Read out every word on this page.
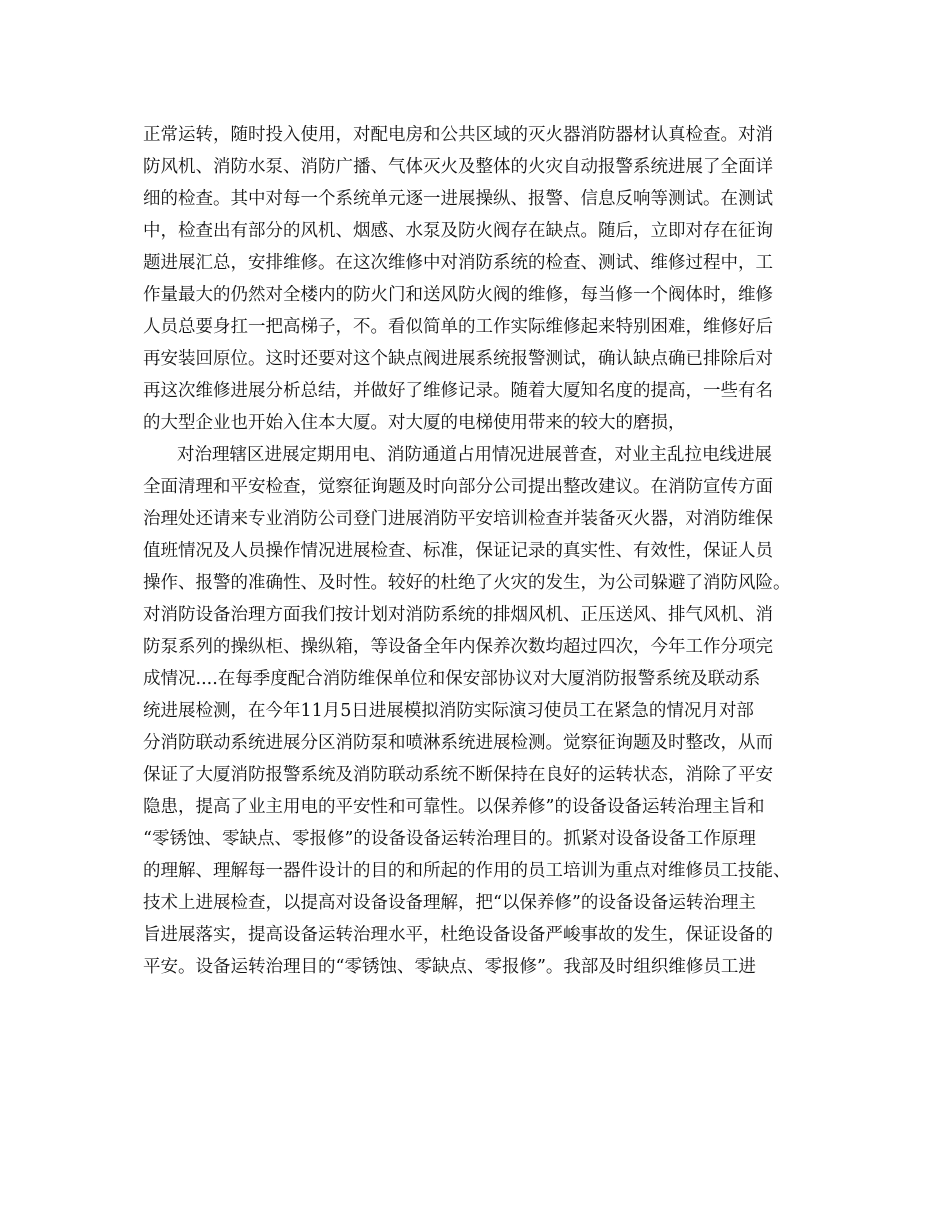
正常运转，随时投入使用，对配电房和公共区域的灭火器消防器材认真检查。对消
防风机、消防水泵、消防广播、气体灭火及整体的火灾自动报警系统进展了全面详
细的检查。其中对每一个系统单元逐一进展操纵、报警、信息反响等测试。在测试
中，检查出有部分的风机、烟感、水泵及防火阀存在缺点。随后，立即对存在征询
题进展汇总，安排维修。在这次维修中对消防系统的检查、测试、维修过程中，工
作量最大的仍然对全楼内的防火门和送风防火阀的维修，每当修一个阀体时，维修
人员总要身扛一把高梯子，不。看似简单的工作实际维修起来特别困难，维修好后
再安装回原位。这时还要对这个缺点阀进展系统报警测试，确认缺点确已排除后对
再这次维修进展分析总结，并做好了维修记录。随着大厦知名度的提高，一些有名
的大型企业也开始入住本大厦。对大厦的电梯使用带来的较大的磨损，
对治理辖区进展定期用电、消防通道占用情况进展普查，对业主乱拉电线进展
全面清理和平安检查，觉察征询题及时向部分公司提出整改建议。在消防宣传方面
治理处还请来专业消防公司登门进展消防平安培训检查并装备灭火器，对消防维保
值班情况及人员操作情况进展检查、标准，保证记录的真实性、有效性，保证人员
操作、报警的准确性、及时性。较好的杜绝了火灾的发生，为公司躲避了消防风险。
对消防设备治理方面我们按计划对消防系统的排烟风机、正压送风、排气风机、消
防泵系列的操纵柜、操纵箱，等设备全年内保养次数均超过四次，今年工作分项完
成情况....在每季度配合消防维保单位和保安部协议对大厦消防报警系统及联动系
统进展检测，在今年11月5日进展模拟消防实际演习使员工在紧急的情况月对部
分消防联动系统进展分区消防泵和喷淋系统进展检测。觉察征询题及时整改，从而
保证了大厦消防报警系统及消防联动系统不断保持在良好的运转状态，消除了平安
隐患，提高了业主用电的平安性和可靠性。以保养修”的设备设备运转治理主旨和
“零锈蚀、零缺点、零报修”的设备设备运转治理目的。抓紧对设备设备工作原理
的理解、理解每一器件设计的目的和所起的作用的员工培训为重点对维修员工技能、
技术上进展检查，以提高对设备设备理解，把“以保养修”的设备设备运转治理主
旨进展落实，提高设备运转治理水平，杜绝设备设备严峻事故的发生，保证设备的
平安。设备运转治理目的“零锈蚀、零缺点、零报修”。我部及时组织维修员工进
